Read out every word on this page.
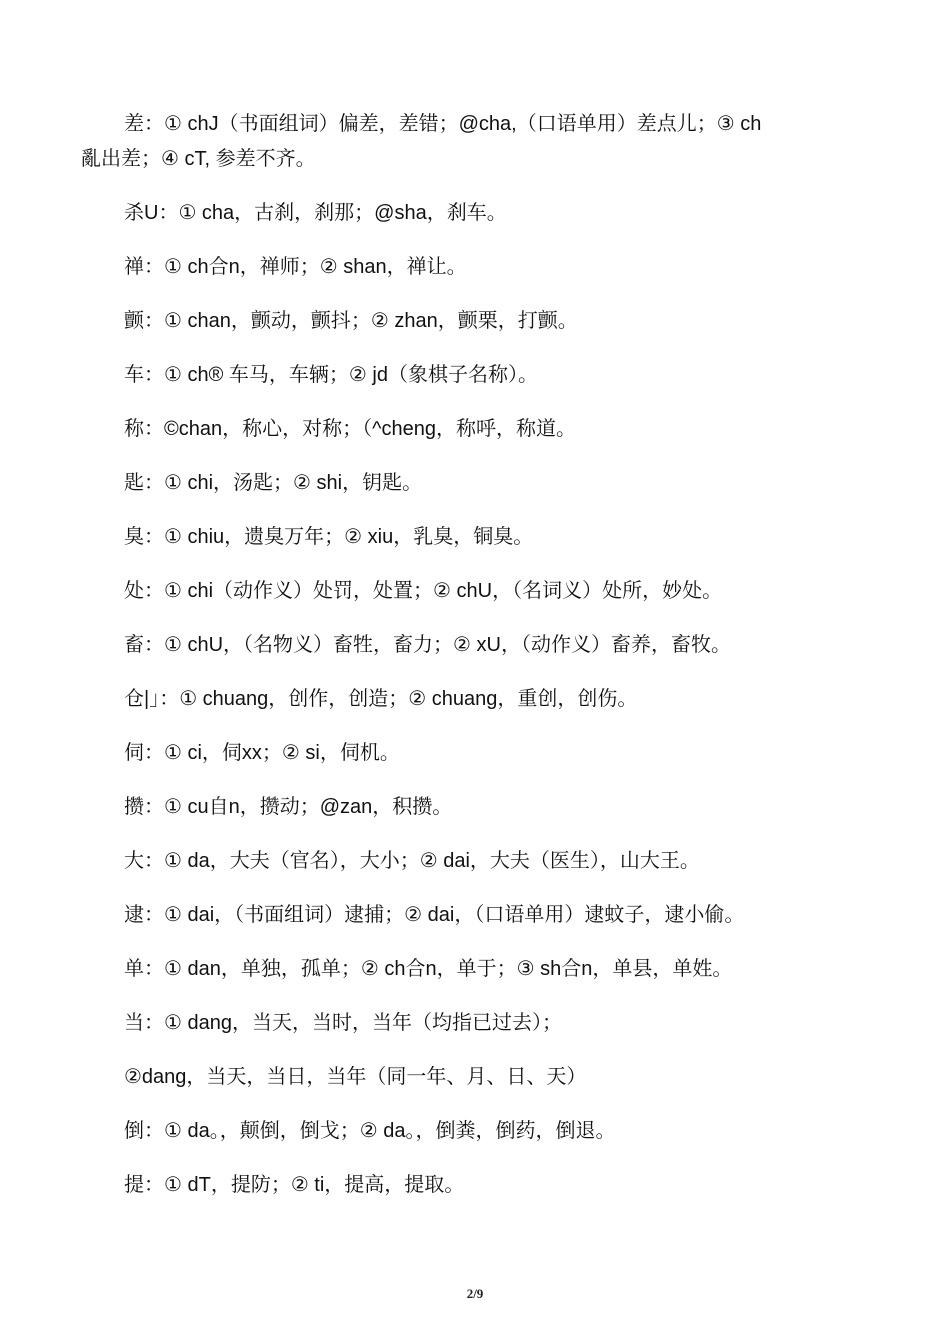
差：① chJ（书面组词）偏差，差错；@cha,（口语单用）差点儿；③ ch
亂出差；④ cT, 参差不齐。
杀U：① cha，古刹，刹那；@sha，刹车。
禅：① ch合n，禅师；② shan，禅让。
颤：① chan，颤动，颤抖；② zhan，颤栗，打颤。
车：① ch® 车马，车辆；② jd（象棋子名称）。
称：©chan，称心，对称；（^cheng，称呼，称道。
匙：① chi，汤匙；② shi，钥匙。
臭：① chiu，遗臭万年；② xiu，乳臭，铜臭。
处：① chi（动作义）处罚，处置；② chU，（名词义）处所，妙处。
畜：① chU，（名物义）畜牲，畜力；② xU，（动作义）畜养，畜牧。
仓|」：① chuang，创作，创造；② chuang，重创，创伤。
伺：① ci，伺xx；② si，伺机。
攒：① cu自n，攒动；@zan，积攒。
大：① da，大夫（官名），大小；② dai，大夫（医生），山大王。
逮：① dai，（书面组词）逮捕；② dai，（口语单用）逮蚊子，逮小偷。
单：① dan，单独，孤单；② ch合n，单于；③ sh合n，单县，单姓。
当：① dang，当天，当时，当年（均指已过去）；
②dang，当天，当日，当年（同一年、月、日、天）
倒：① da。，颠倒，倒戈；② da。，倒粪，倒药，倒退。
提：① dT，提防；② ti，提高，提取。
2/9
